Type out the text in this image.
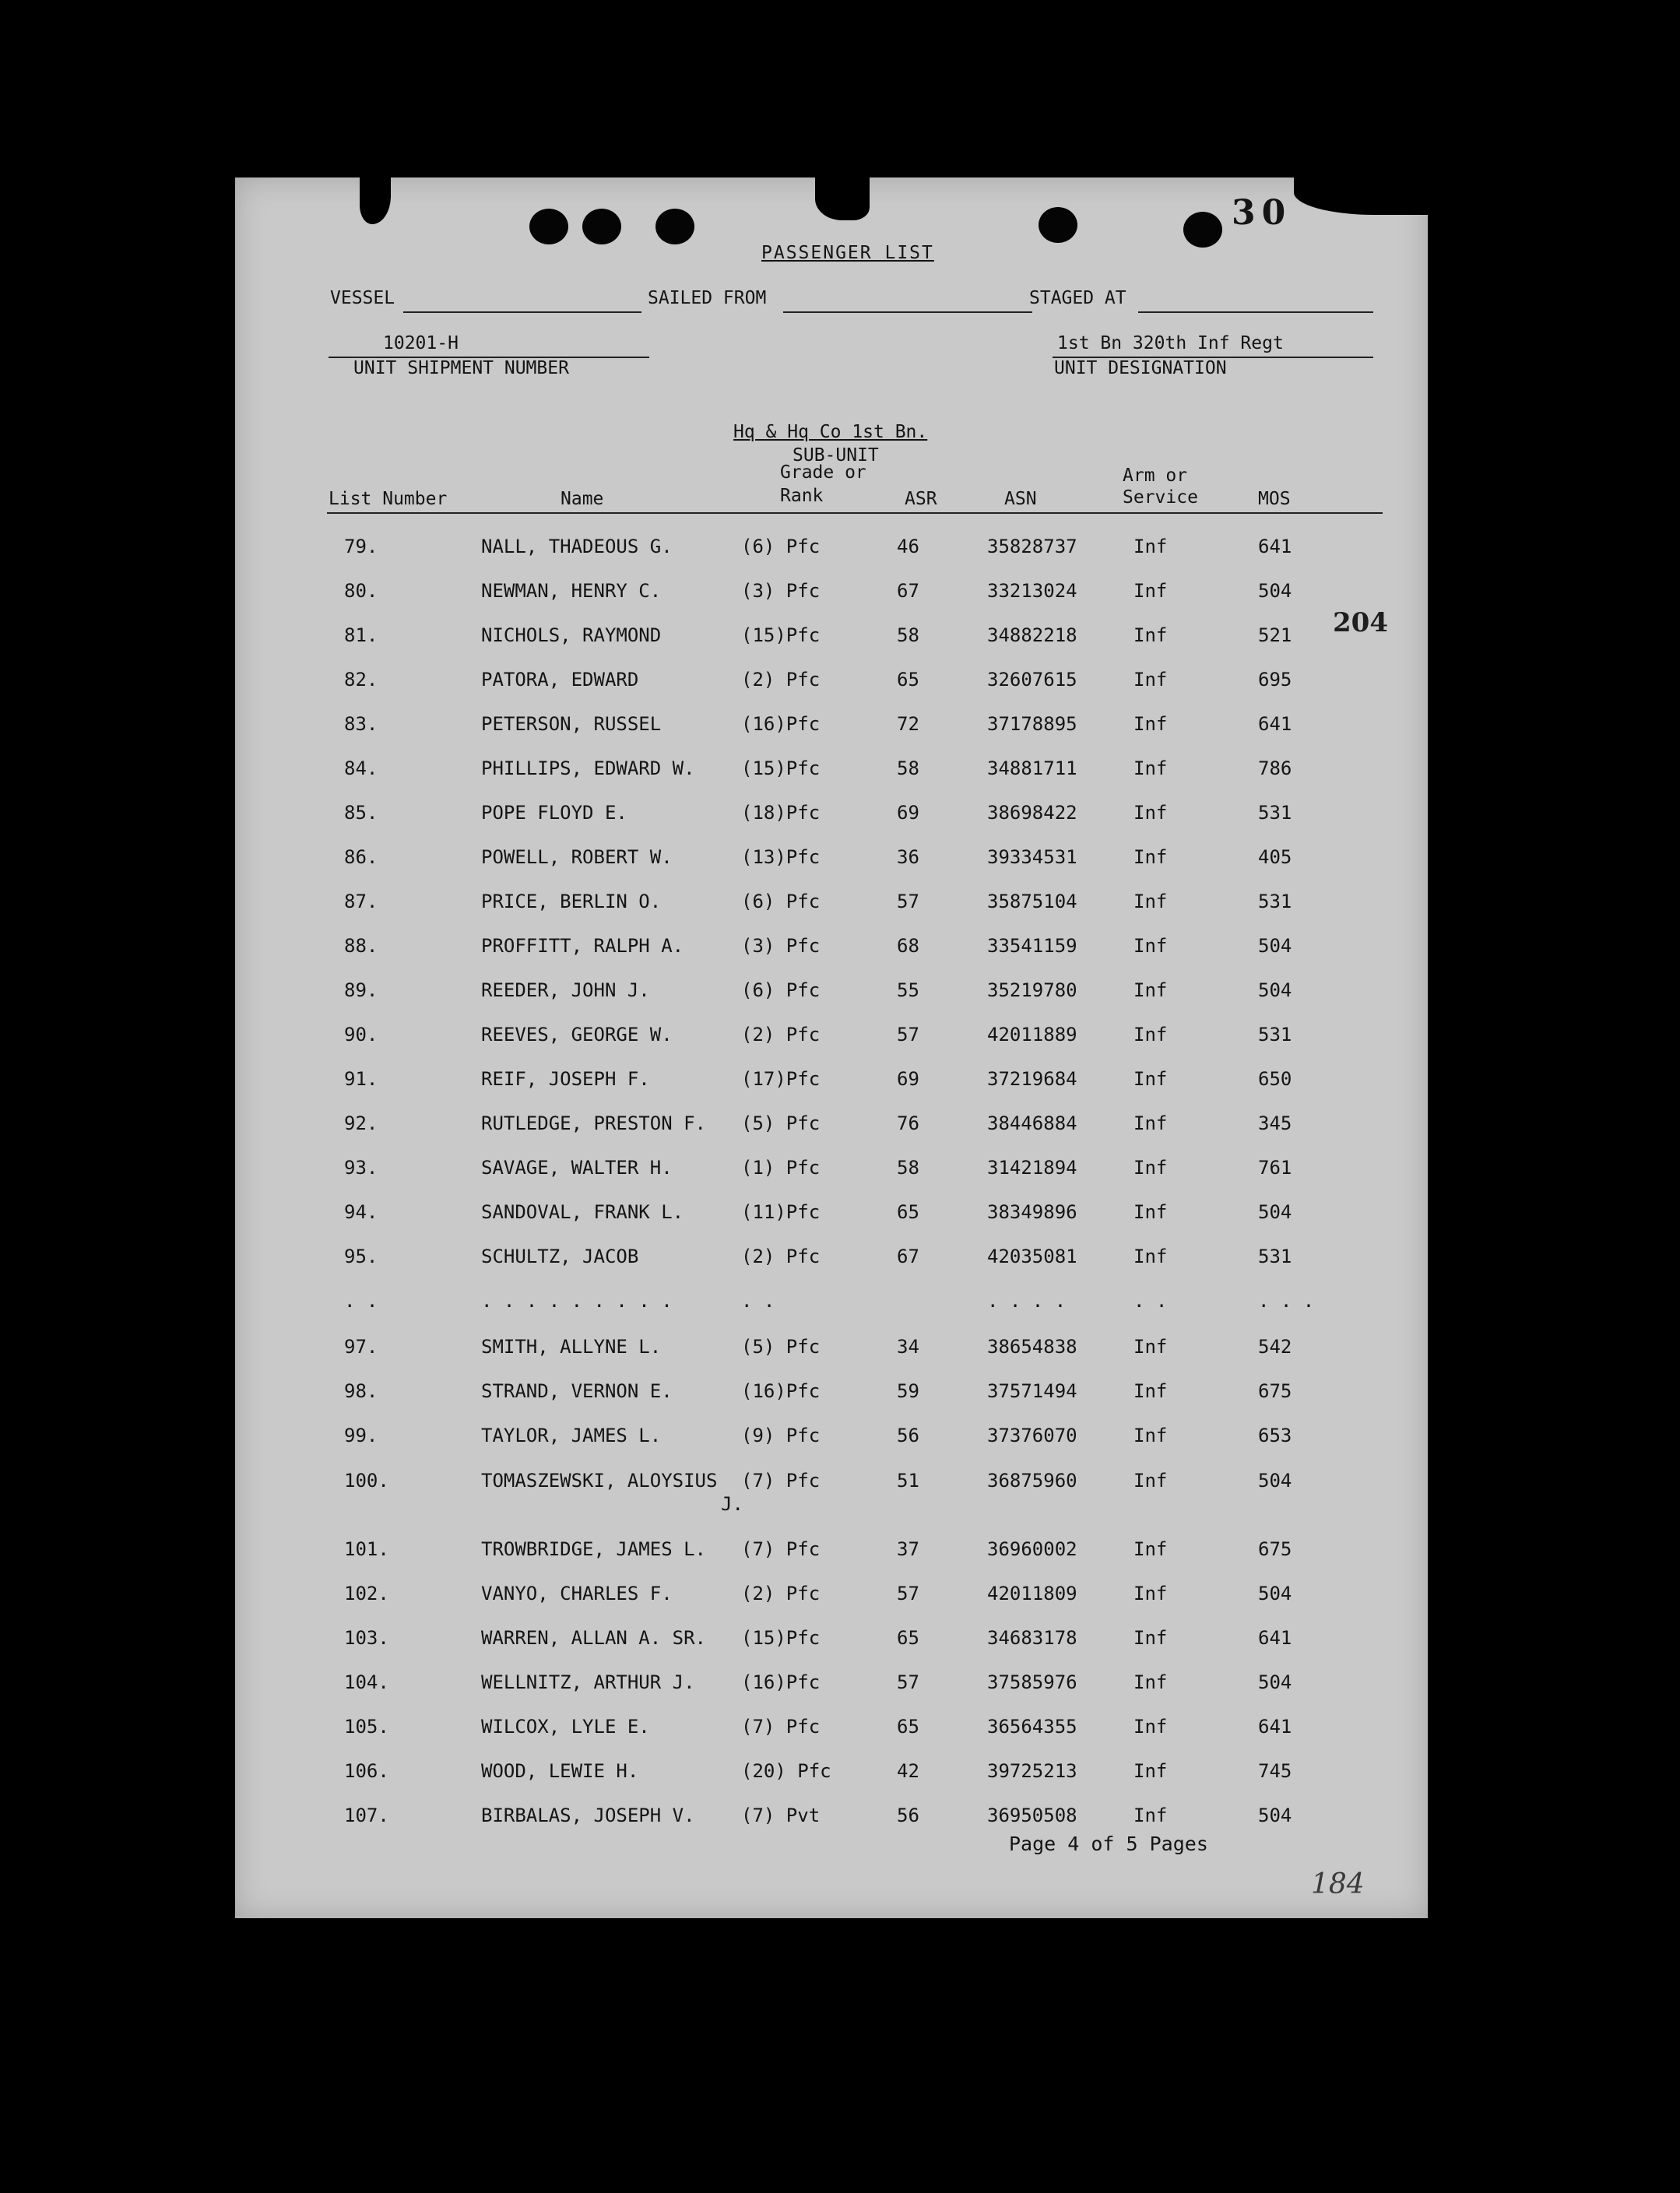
30
PASSENGER LIST
VESSEL	SAILED FROM	STAGED AT
10201-H
UNIT SHIPMENT NUMBER
1st Bn 320th Inf Regt
UNIT DESIGNATION
Hq & Hq Co 1st Bn.
SUB-UNIT
Grade or
Rank
Arm or
Service
List Number	Name	ASR	ASN	MOS
204
79.	NALL, THADEOUS G.	(6) Pfc	46	35828737	Inf	641
80.	NEWMAN, HENRY C.	(3) Pfc	67	33213024	Inf	504
81.	NICHOLS, RAYMOND	(15)Pfc	58	34882218	Inf	521
82.	PATORA, EDWARD	(2) Pfc	65	32607615	Inf	695
83.	PETERSON, RUSSEL	(16)Pfc	72	37178895	Inf	641
84.	PHILLIPS, EDWARD W. (15)Pfc	58	34881711	Inf	786
85.	POPE FLOYD E.	(18)Pfc	69	38698422	Inf	531
86.	POWELL, ROBERT W.	(13)Pfc	36	39334531	Inf	405
87.	PRICE, BERLIN O.	(6) Pfc	57	35875104	Inf	531
88.	PROFFITT, RALPH A.	(3) Pfc	68	33541159	Inf	504
89.	REEDER, JOHN J.	(6) Pfc	55	35219780	Inf	504
90.	REEVES, GEORGE W.	(2) Pfc	57	42011889	Inf	531
91.	REIF, JOSEPH F.	(17)Pfc	69	37219684	Inf	650
92.	RUTLEDGE, PRESTON F. (5) Pfc	76	38446884	Inf	345
93.	SAVAGE, WALTER H.	(1) Pfc	58	31421894	Inf	761
94.	SANDOVAL, FRANK L.	(11)Pfc	65	38349896	Inf	504
95.	SCHULTZ, JACOB	(2) Pfc	67	42035081	Inf	531
. .	. . . . . . . . .	. .	. . . .	. .	. . .
97.	SMITH, ALLYNE L.	(5) Pfc	34	38654838	Inf	542
98.	STRAND, VERNON E.	(16)Pfc	59	37571494	Inf	675
99.	TAYLOR, JAMES L.	(9) Pfc	56	37376070	Inf	653
100.	TOMASZEWSKI, ALOYSIUS (7) Pfc	51	36875960	Inf	504
J.
101.	TROWBRIDGE, JAMES L. (7) Pfc	37	36960002	Inf	675
102.	VANYO, CHARLES F.	(2) Pfc	57	42011809	Inf	504
103.	WARREN, ALLAN A. SR. (15)Pfc	65	34683178	Inf	641
104.	WELLNITZ, ARTHUR J. (16)Pfc	57	37585976	Inf	504
105.	WILCOX, LYLE E.	(7) Pfc	65	36564355	Inf	641
106.	WOOD, LEWIE H.	(20) Pfc	42	39725213	Inf	745
107.	BIRBALAS, JOSEPH V. (7) Pvt	56	36950508	Inf	504
Page 4 of 5 Pages
184
